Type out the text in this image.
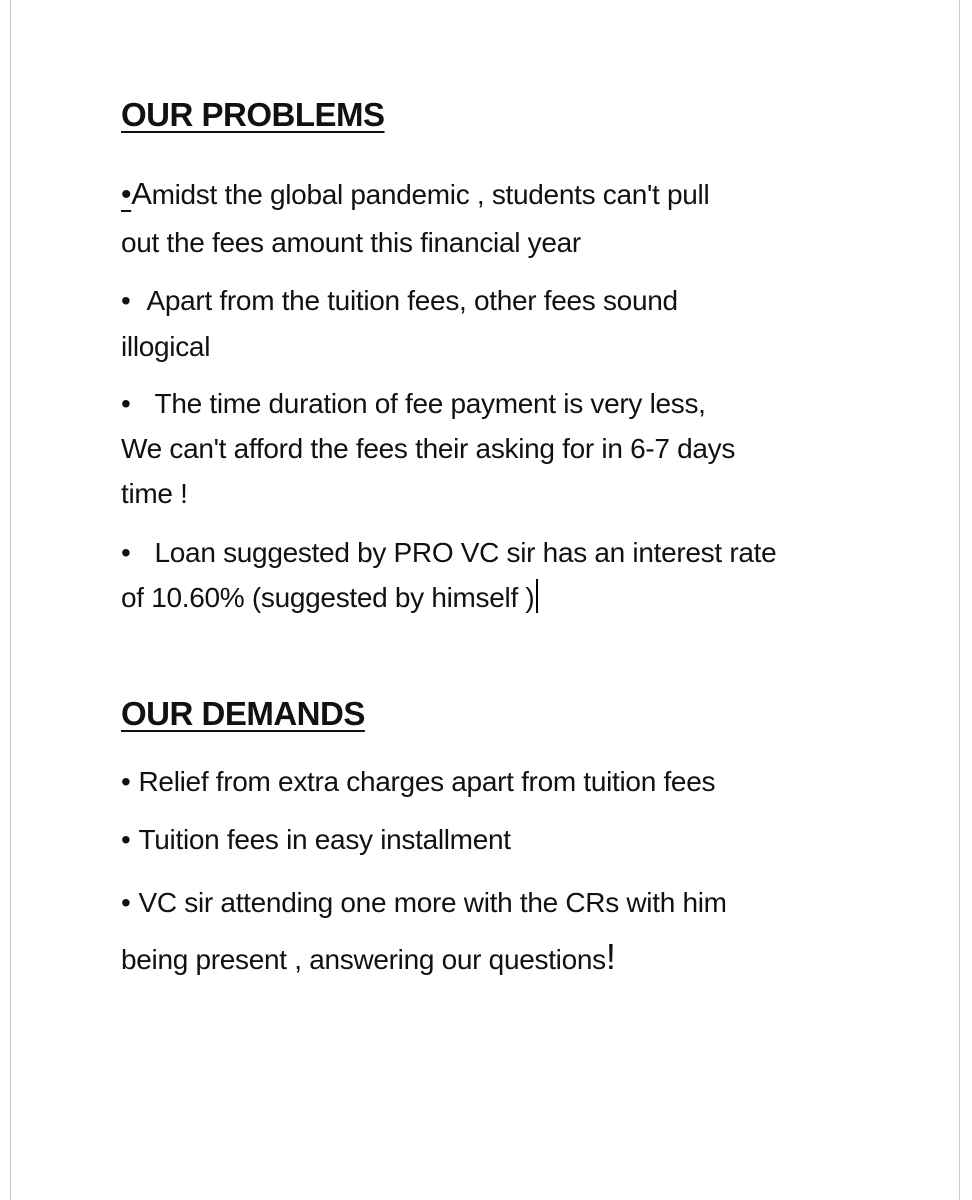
OUR PROBLEMS

•Amidst the global pandemic , students can't pull
out the fees amount this financial year

• Apart from the tuition fees, other fees sound
illogical

• The time duration of fee payment is very less,
We can't afford the fees their asking for in 6-7 days
time !

• Loan suggested by PRO VC sir has an interest rate
of 10.60% (suggested by himself )

OUR DEMANDS

• Relief from extra charges apart from tuition fees

• Tuition fees in easy installment

• VC sir attending one more with the CRs with him
being present , answering our questions!
